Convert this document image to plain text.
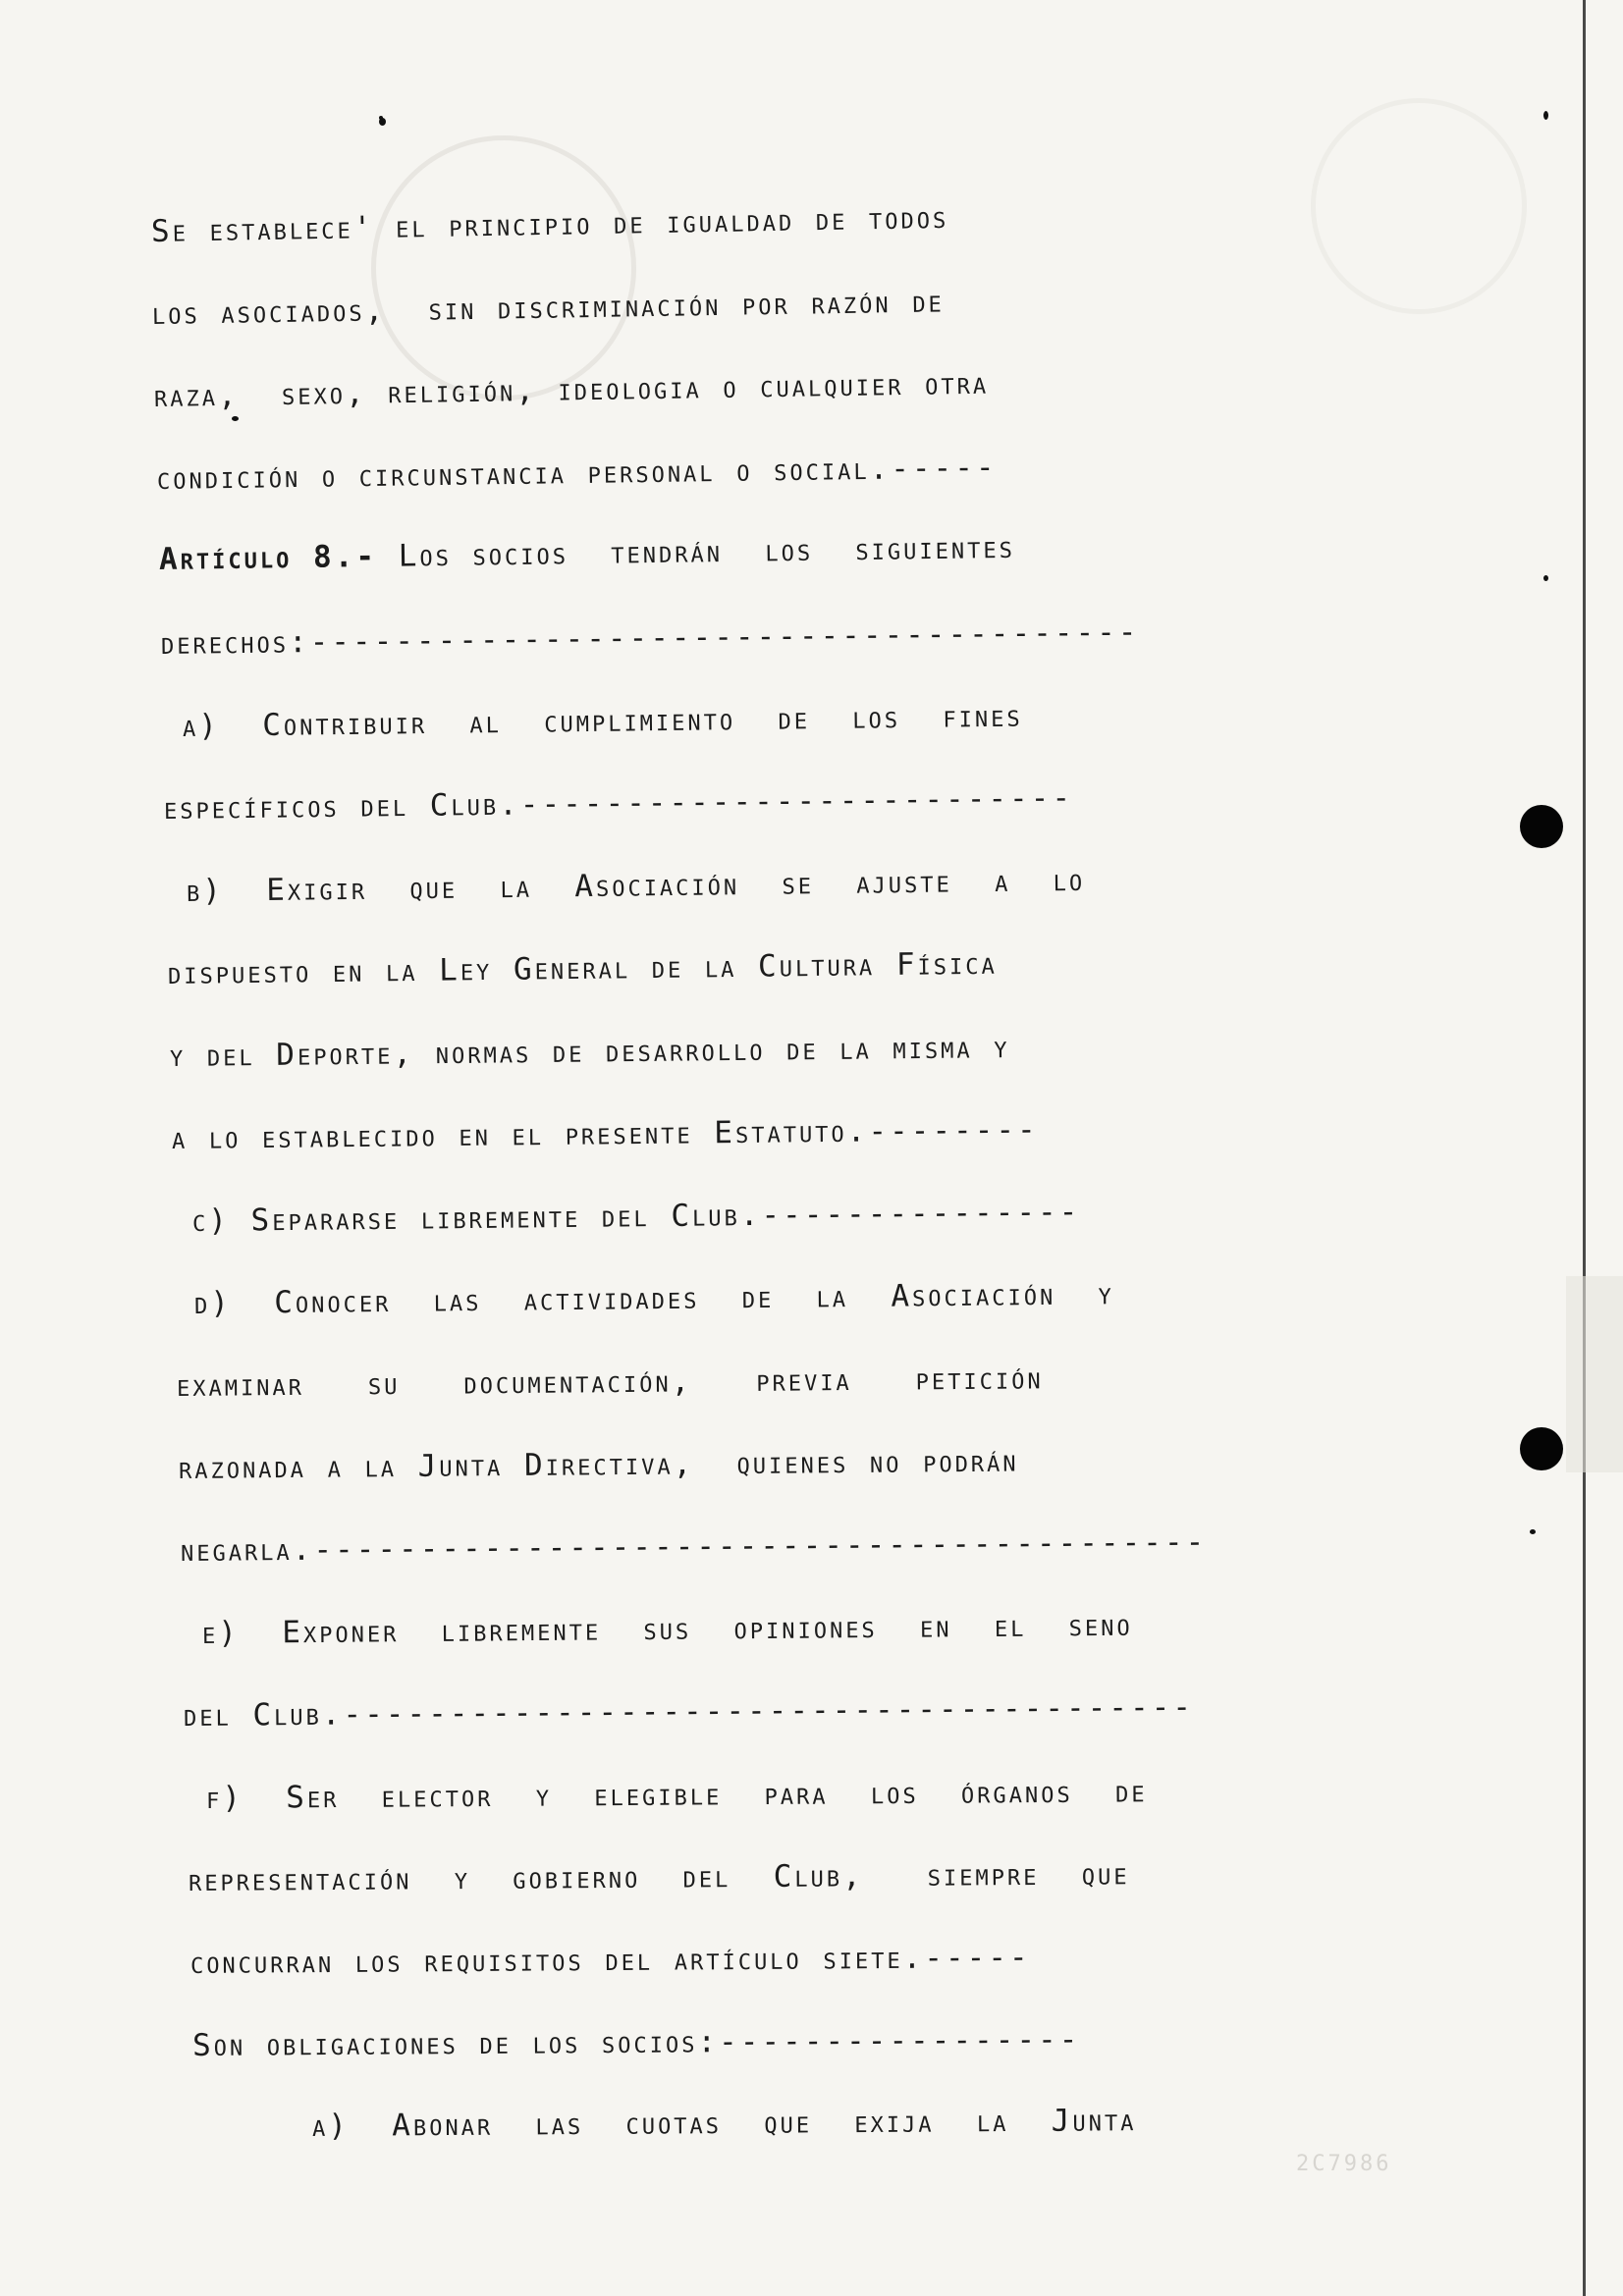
Se establece' el principio de igualdad de todos
los asociados,  sin discriminación por razón de
raza,  sexo, religión, ideologia o cualquier otra
condición o circunstancia personal o social.-----
Artículo 8.- Los socios  tendrán  los  siguientes
derechos:---------------------------------------
a)  Contribuir  al  cumplimiento  de  los  fines
específicos del Club.--------------------------
b)  Exigir  que  la  Asociación  se  ajuste  a  lo
dispuesto en la Ley General de la Cultura Física
y del Deporte, normas de desarrollo de la misma y
a lo establecido en el presente Estatuto.--------
c) Separarse libremente del Club.---------------
d)  Conocer  las  actividades  de  la  Asociación  y
examinar   su   documentación,   previa   petición
razonada a la Junta Directiva,  quienes no podrán
negarla.------------------------------------------
e)  Exponer  libremente  sus  opiniones  en  el  seno
del Club.----------------------------------------
f)  Ser  elector  y  elegible  para  los  órganos  de
representación  y  gobierno  del  Club,   siempre  que
concurran los requisitos del artículo siete.-----
Son obligaciones de los socios:-----------------
a)  Abonar  las  cuotas  que  exija  la  Junta
2C7986
